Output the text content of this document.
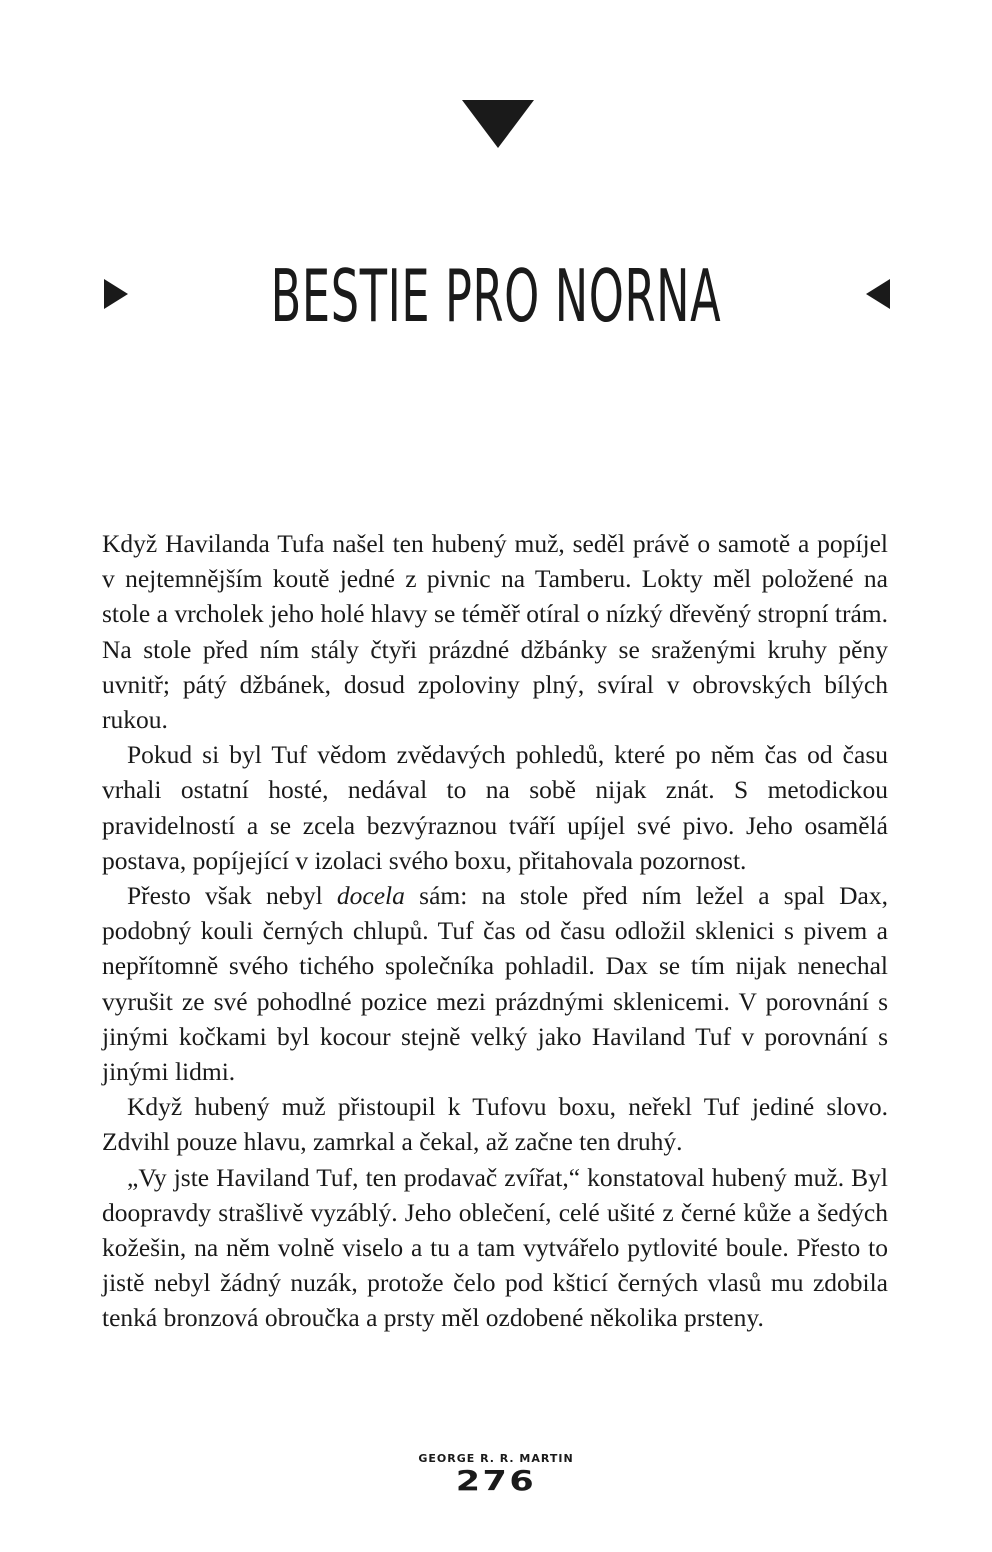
BESTIE PRO NORNA

Když Havilanda Tufa našel ten hubený muž, seděl právě o samotě a popíjel v nejtemnějším koutě jedné z pivnic na Tamberu. Lokty měl položené na stole a vrcholek jeho holé hlavy se téměř otíral o nízký dřevěný stropní trám. Na stole před ním stály čtyři prázdné džbánky se sraženými kruhy pěny uvnitř; pátý džbánek, dosud zpoloviny plný, svíral v obrovských bílých rukou.

Pokud si byl Tuf vědom zvědavých pohledů, které po něm čas od času vrhali ostatní hosté, nedával to na sobě nijak znát. S metodickou pravidelností a se zcela bezvýraznou tváří upíjel své pivo. Jeho osamělá postava, popíjející v izolaci svého boxu, přitahovala pozornost.

Přesto však nebyl docela sám: na stole před ním ležel a spal Dax, podobný kouli černých chlupů. Tuf čas od času odložil sklenici s pivem a nepřítomně svého tichého společníka pohladil. Dax se tím nijak nenechal vyrušit ze své pohodlné pozice mezi prázdnými sklenicemi. V porovnání s jinými kočkami byl kocour stejně velký jako Haviland Tuf v porovnání s jinými lidmi.

Když hubený muž přistoupil k Tufovu boxu, neřekl Tuf jediné slovo. Zdvihl pouze hlavu, zamrkal a čekal, až začne ten druhý.

„Vy jste Haviland Tuf, ten prodavač zvířat,“ konstatoval hubený muž. Byl doopravdy strašlivě vyzáblý. Jeho oblečení, celé ušité z černé kůže a šedých kožešin, na něm volně viselo a tu a tam vytvářelo pytlovité boule. Přesto to jistě nebyl žádný nuzák, protože čelo pod kšticí černých vlasů mu zdobila tenká bronzová obroučka a prsty měl ozdobené několika prsteny.

GEORGE R. R. MARTIN
276
